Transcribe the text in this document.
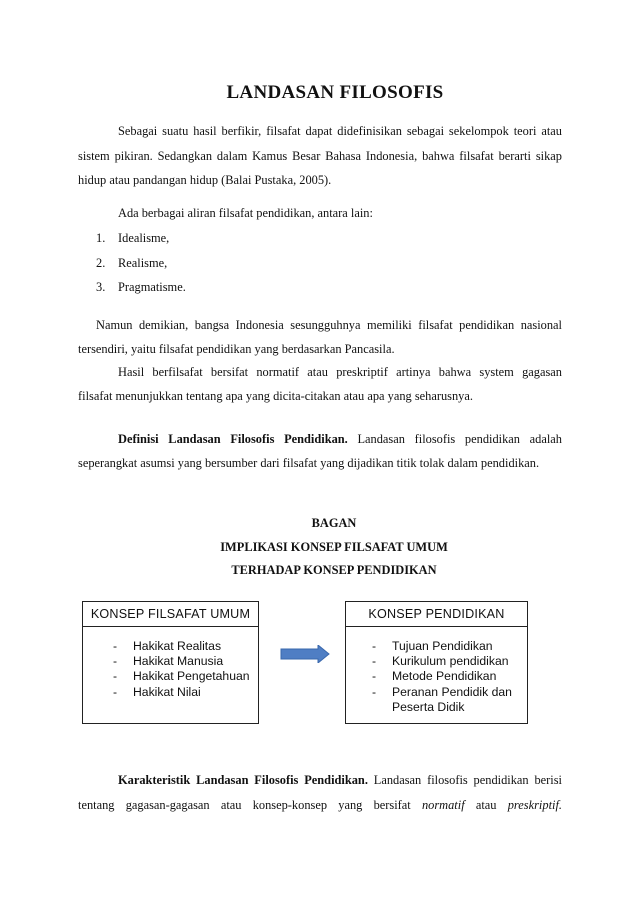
LANDASAN FILOSOFIS

Sebagai suatu hasil berfikir, filsafat dapat didefinisikan sebagai sekelompok teori atau
sistem pikiran. Sedangkan dalam Kamus Besar Bahasa Indonesia, bahwa filsafat berarti sikap

hidup atau pandangan hidup (Balai Pustaka, 2005).

Ada berbagai aliran filsafat pendidikan, antara lain:

1. Idealisme,
2. Realisme,
3. Pragmatisme.

Namun demikian, bangsa Indonesia sesungguhnya memiliki filsafat pendidikan nasional

tersendiri, yaitu filsafat pendidikan yang berdasarkan Pancasila.

Hasil berfilsafat bersifat normatif atau preskriptif artinya bahwa system gagasan

filsafat menunjukkan tentang apa yang dicita-citakan atau apa yang seharusnya.

Definisi Landasan Filosofis Pendidikan. Landasan filosofis pendidikan adalah

seperangkat asumsi yang bersumber dari filsafat yang dijadikan titik tolak dalam pendidikan.

BAGAN

IMPLIKASI KONSEP FILSAFAT UMUM

TERHADAP KONSEP PENDIDIKAN

KONSEP FILSAFAT UMUM
- Hakikat Realitas
- Hakikat Manusia
- Hakikat Pengetahuan
- Hakikat Nilai
KONSEP PENDIDIKAN
- Tujuan Pendidikan
- Kurikulum pendidikan
- Metode Pendidikan
- Peranan Pendidik dan
Peserta Didik

Karakteristik Landasan Filosofis Pendidikan. Landasan filosofis pendidikan berisi

tentang gagasan-gagasan atau konsep-konsep yang bersifat normatif atau preskriptif.
